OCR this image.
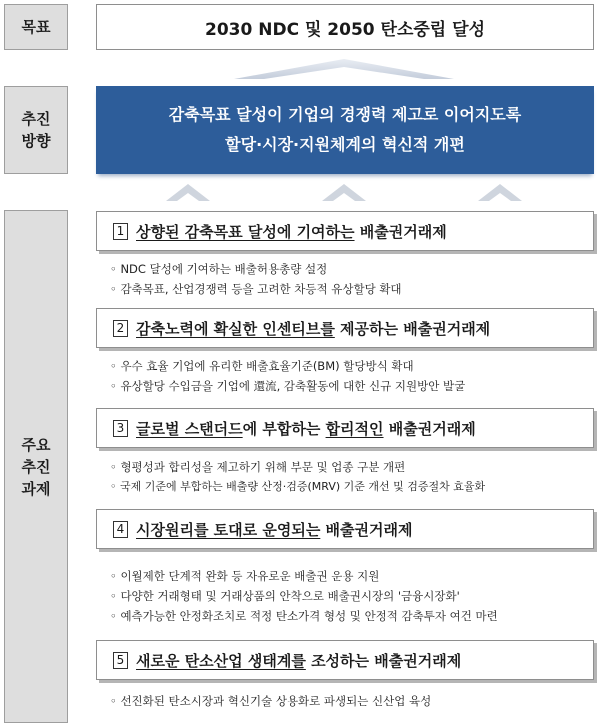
목표
추진
방향
주요
추진
과제
2030 NDC 및 2050 탄소중립 달성
감축목표 달성이 기업의 경쟁력 제고로 이어지도록
할당·시장·지원체계의 혁신적 개편
1 상향된 감축목표 달성에 기여하는 배출권거래제
◦ NDC 달성에 기여하는 배출허용총량 설정
◦ 감축목표, 산업경쟁력 등을 고려한 차등적 유상할당 확대
2 감축노력에 확실한 인센티브를 제공하는 배출권거래제
◦ 우수 효율 기업에 유리한 배출효율기준(BM) 할당방식 확대
◦ 유상할당 수입금을 기업에 還流, 감축활동에 대한 신규 지원방안 발굴
3 글로벌 스탠더드 에 부합하는 합리적인 배출권거래제
◦ 형평성과 합리성을 제고하기 위해 부문 및 업종 구분 개편
◦ 국제 기준에 부합하는 배출량 산정·검증(MRV) 기준 개선 및 검증절차 효율화
4 시장원리를 토대로 운영되는 배출권거래제
◦ 이월제한 단계적 완화 등 자유로운 배출권 운용 지원
◦ 다양한 거래형태 및 거래상품의 안착으로 배출권시장의 '금융시장화'
◦ 예측가능한 안정화조치로 적정 탄소가격 형성 및 안정적 감축투자 여건 마련
5 새로운 탄소산업 생태계를 조성하는 배출권거래제
◦ 선진화된 탄소시장과 혁신기술 상용화로 파생되는 신산업 육성
